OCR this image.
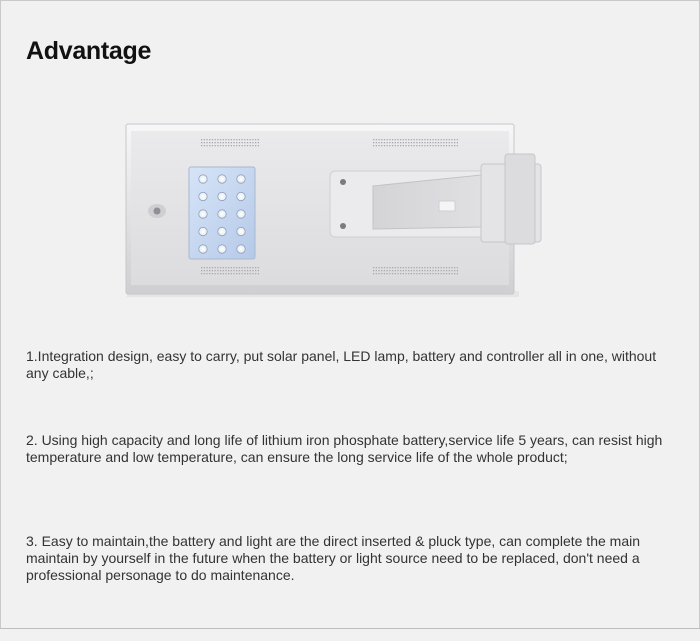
Advantage

1.Integration design, easy to carry, put solar panel, LED lamp, battery and controller all in one, without any cable,;

2. Using high capacity and long life of lithium iron phosphate battery,service life 5 years, can resist high temperature and low temperature, can ensure the long service life of the whole product;

3. Easy to maintain,the battery and light are the direct inserted & pluck type, can complete the main maintain by yourself in the future when the battery or light source need to be replaced, don't need a professional personage to do maintenance.
